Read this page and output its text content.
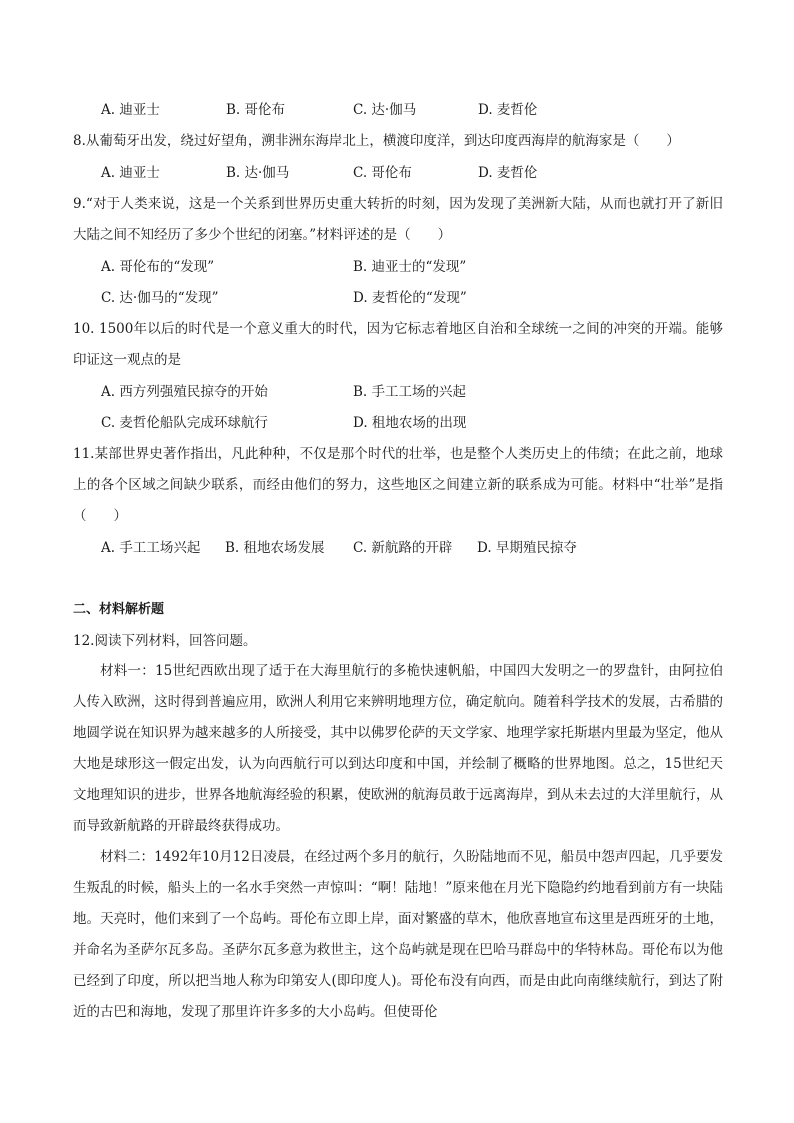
A. 迪亚士	B. 哥伦布	C. 达·伽马	D. 麦哲伦
8.从葡萄牙出发，绕过好望角，溯非洲东海岸北上，横渡印度洋，到达印度西海岸的航海家是（　　）
A. 迪亚士	B. 达·伽马	C. 哥伦布	D. 麦哲伦
9.“对于人类来说，这是一个关系到世界历史重大转折的时刻，因为发现了美洲新大陆，从而也就打开了新旧大陆之间不知经历了多少个世纪的闭塞。”材料评述的是（　　）
A. 哥伦布的“发现”	B. 迪亚士的“发现”
C. 达·伽马的“发现”	D. 麦哲伦的“发现”
10. 1500年以后的时代是一个意义重大的时代，因为它标志着地区自治和全球统一之间的冲突的开端。能够印证这一观点的是
A. 西方列强殖民掠夺的开始	B. 手工工场的兴起
C. 麦哲伦船队完成环球航行	D. 租地农场的出现
11.某部世界史著作指出，凡此种种，不仅是那个时代的壮举，也是整个人类历史上的伟绩；在此之前，地球上的各个区域之间缺少联系，而经由他们的努力，这些地区之间建立新的联系成为可能。材料中“壮举”是指（　　）
A. 手工工场兴起 B. 租地农场发展 C. 新航路的开辟 D. 早期殖民掠夺
二、材料解析题
12.阅读下列材料，回答问题。
材料一：15世纪西欧出现了适于在大海里航行的多桅快速帆船，中国四大发明之一的罗盘针，由阿拉伯人传入欧洲，这时得到普遍应用，欧洲人利用它来辨明地理方位，确定航向。随着科学技术的发展，古希腊的地圆学说在知识界为越来越多的人所接受，其中以佛罗伦萨的天文学家、地理学家托斯堪内里最为坚定，他从大地是球形这一假定出发，认为向西航行可以到达印度和中国，并绘制了概略的世界地图。总之，15世纪天文地理知识的进步，世界各地航海经验的积累，使欧洲的航海员敢于远离海岸，到从未去过的大洋里航行，从而导致新航路的开辟最终获得成功。
材料二：1492年10月12日凌晨，在经过两个多月的航行，久盼陆地而不见，船员中怨声四起，几乎要发生叛乱的时候，船头上的一名水手突然一声惊叫：“啊！陆地！”原来他在月光下隐隐约约地看到前方有一块陆地。天亮时，他们来到了一个岛屿。哥伦布立即上岸，面对繁盛的草木，他欣喜地宣布这里是西班牙的土地，并命名为圣萨尔瓦多岛。圣萨尔瓦多意为救世主，这个岛屿就是现在巴哈马群岛中的华特林岛。哥伦布以为他已经到了印度，所以把当地人称为印第安人(即印度人)。哥伦布没有向西，而是由此向南继续航行，到达了附近的古巴和海地，发现了那里许许多多的大小岛屿。但使哥伦
